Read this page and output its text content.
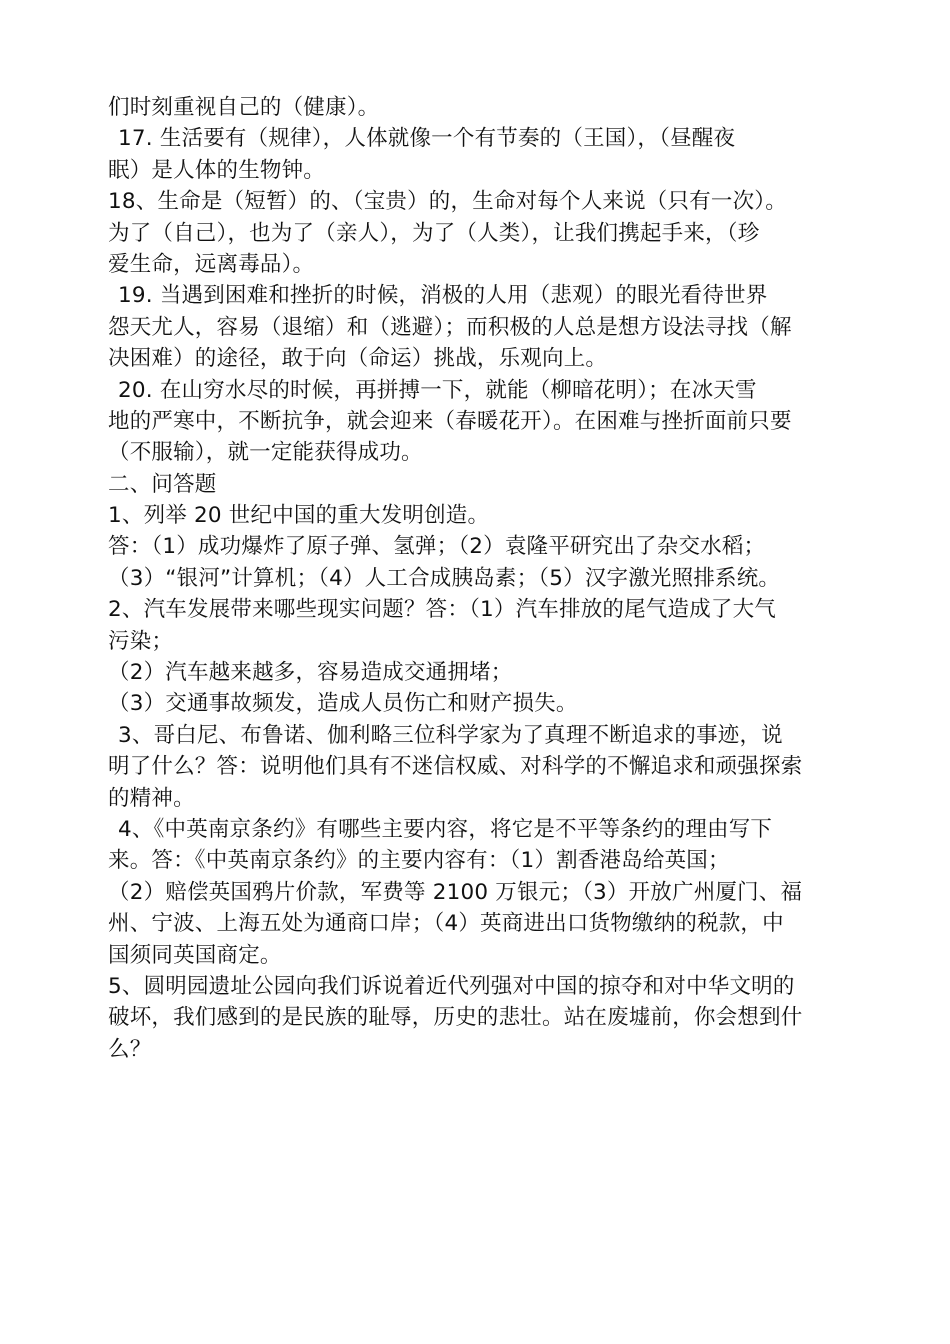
们时刻重视自己的（健康）。
17. 生活要有（规律），人体就像一个有节奏的（王国），（昼醒夜
眠）是人体的生物钟。
18、生命是（短暂）的、（宝贵）的，生命对每个人来说（只有一次）。
为了（自己），也为了（亲人），为了（人类），让我们携起手来，（珍
爱生命，远离毒品）。
19. 当遇到困难和挫折的时候，消极的人用（悲观）的眼光看待世界
怨天尤人，容易（退缩）和（逃避）；而积极的人总是想方设法寻找（解
决困难）的途径，敢于向（命运）挑战，乐观向上。
20. 在山穷水尽的时候，再拼搏一下，就能（柳暗花明）；在冰天雪
地的严寒中，不断抗争，就会迎来（春暖花开）。在困难与挫折面前只要
（不服输），就一定能获得成功。
二、问答题
1、列举 20 世纪中国的重大发明创造。
答：（1）成功爆炸了原子弹、氢弹；（2）袁隆平研究出了杂交水稻；
（3）“银河”计算机；（4）人工合成胰岛素；（5）汉字激光照排系统。
2、汽车发展带来哪些现实问题？答：（1）汽车排放的尾气造成了大气
污染；
（2）汽车越来越多，容易造成交通拥堵；
（3）交通事故频发，造成人员伤亡和财产损失。
3、哥白尼、布鲁诺、伽利略三位科学家为了真理不断追求的事迹，说
明了什么？答：说明他们具有不迷信权威、对科学的不懈追求和顽强探索
的精神。
4、《中英南京条约》有哪些主要内容，将它是不平等条约的理由写下
来。答：《中英南京条约》的主要内容有：（1）割香港岛给英国；
（2）赔偿英国鸦片价款，军费等 2100 万银元；（3）开放广州厦门、福
州、宁波、上海五处为通商口岸；（4）英商进出口货物缴纳的税款，中
国须同英国商定。
5、圆明园遗址公园向我们诉说着近代列强对中国的掠夺和对中华文明的
破坏，我们感到的是民族的耻辱，历史的悲壮。站在废墟前，你会想到什
么？
